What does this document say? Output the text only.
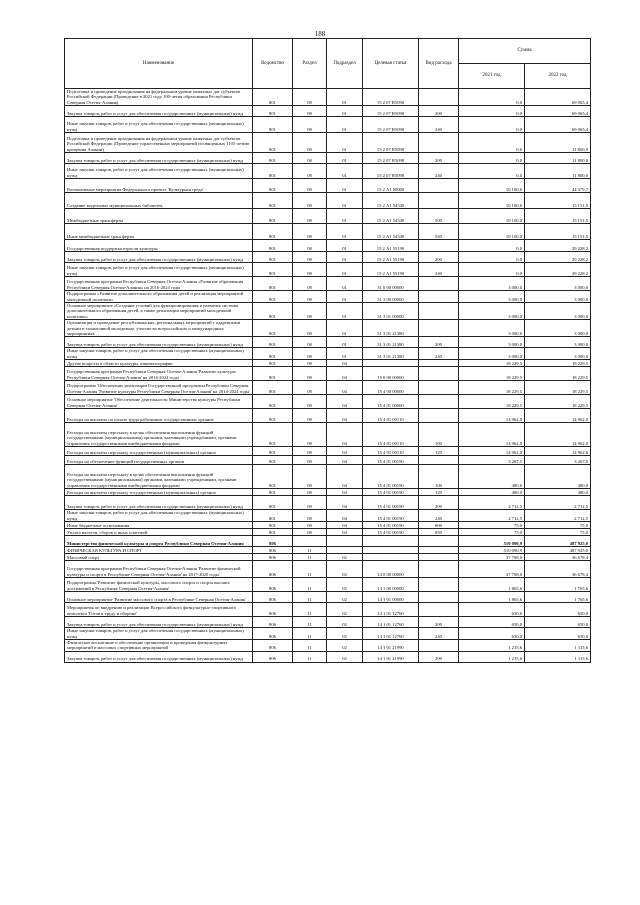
188
Наименование	Ведомство	Раздел	Подраздел	Целевая статья	Вид расхода	Сумма	
						2021 год	2022 год
Подготовка и проведение празднования на федеральном уровне памятных дат субъектов Российской Федерации (Проведение в 2021 году 100-летия образования Республики Северная Осетия-Алания)	801	08	01	15 2 07 R5090		0,0	69 065,4
Закупка товаров, работ и услуг для обеспечения государственных (муниципальных) нужд	801	08	01	15 2 07 R5090	200	0,0	69 065,4
Иные закупки товаров, работ и услуг для обеспечения государственных (муниципальных) нужд	801	08	01	15 2 07 R5090	240	0,0	69 065,4
Подготовка и проведение празднования на федеральном уровне памятных дат субъектов Российской Федерации (Проведение торжественных мероприятий посвященных 1105-летию крещения Алании)	801	08	01	15 2 07 R5098		0,0	11 800,0
Закупка товаров, работ и услуг для обеспечения государственных (муниципальных) нужд	801	08	01	15 2 07 R5098	200	0,0	11 800,0
Иные закупки товаров, работ и услуг для обеспечения государственных (муниципальных) нужд	801	08	01	15 2 07 R5098	240	0,0	11 800,0
Региональные мероприятия Федерального проекта 'Культурная среда'	801	08	01	15 2 А1 00000		10 100,0	44 379,7
Создание модельных муниципальных библиотек	801	08	01	15 2 А1 54540		10 100,0	15 151,5
Межбюджетные трансферты	801	08	01	15 2 А1 54540	500	10 100,0	15 151,5
Иные межбюджетные трансферты	801	08	01	15 2 А1 54540	540	10 100,0	15 151,5
Государственная поддержка отрасли культуры	801	08	01	15 2 А1 55190		0,0	29 228,2
Закупка товаров, работ и услуг для обеспечения государственных (муниципальных) нужд	801	08	01	15 2 А1 55190	200	0,0	29 228,2
Иные закупки товаров, работ и услуг для обеспечения государственных (муниципальных) нужд	801	08	01	15 2 А1 55190	240	0,0	29 228,2
Государственная программа Республики Северная Осетия-Алания «Развитие образования Республики Северная Осетия-Алания» на 2016-2024 годы	801	08	01	31 0 00 00000		3 000,0	3 000,0
Подпрограмма «Развитие дополнительного образования детей и реализация мероприятий молодежной политики»	801	08	01	31 3 00 00000		3 000,0	3 000,0
Основное мероприятие «Создание условий для функционирования и развития системы дополнительного образования детей, в также реализации мероприятий молодежной политики»	801	08	01	31 3 01 00000		3 000,0	3 000,0
Организация и проведение республиканских, региональных мероприятий с одаренными детьми и талантливой молодежью, участие во всероссийских и международных мероприятиях	801	08	01	31 3 01 21380		3 000,0	3 000,0
Закупка товаров, работ и услуг для обеспечения государственных (муниципальных) нужд	801	08	01	31 3 01 21380	200	3 000,0	3 000,0
Иные закупки товаров, работ и услуг для обеспечения государственных (муниципальных) нужд	801	08	01	31 3 01 21380	240	3 000,0	3 000,0
Другие вопросы в области культуры, кинематографии	801	08	04			18 229,5	18 229,5
Государственная программа Республики Северная Осетия-Алания 'Развитие культуры Республики Северная Осетия-Алания' на 2014-2024 годы	801	08	04	15 0 00 00000		18 229,5	18 229,5
Подпрограмма 'Обеспечение реализации Государственной программы Республики Северная Осетия-Алания 'Развитие культуры Республики Северная Осетия-Алания' на 2014-2024 годы'	801	08	04	15 4 00 00000		18 229,5	18 229,5
Основное мероприятие 'Обеспечение деятельности Министерства культуры Республики Северная Осетия-Алания'	801	08	04	15 4 01 00000		18 229,5	18 229,5
Расходы на выплаты по оплате труда работников государственных органов	801	08	04	15 4 01 00110		14 962,0	14 962,0
Расходы на выплаты персоналу в целях обеспечения выполнения функций государственными (муниципальными) органами, казенными учреждениями, органами управления государственными внебюджетными фондами	801	08	04	15 4 01 00110	100	14 962,0	14 962,0
Расходы на выплаты персоналу государственных (муниципальных) органов	801	08	04	15 4 01 00110	120	14 962,0	14 962,0
Расходы на обеспечение функций государственных органов	801	08	04	15 4 01 00190		3 267,5	3 267,5
Расходы на выплаты персоналу в целях обеспечения выполнения функций государственными (муниципальными) органами, казенными учреждениями, органами управления государственными внебюджетными фондами	801	08	04	15 4 01 00190	100	480,0	480,0
Расходы на выплаты персоналу государственных (муниципальных) органов	801	08	04	15 4 01 00190	120	480,0	480,0
Закупка товаров, работ и услуг для обеспечения государственных (муниципальных) нужд	801	08	04	15 4 01 00190	200	2 712,5	2 712,5
Иные закупки товаров, работ и услуг для обеспечения государственных (муниципальных) нужд	801	08	04	15 4 01 00190	240	2 712,5	2 712,5
Иные бюджетные ассигнования	801	08	04	15 4 01 00190	800	75,0	75,0
Уплата налогов, сборов и иных платежей	801	08	04	15 4 01 00190	850	75,0	75,0
Министерство физической культуры и спорта Республики Северная Осетия-Алания	806					510 090,9	487 925,0
ФИЗИЧЕСКАЯ КУЛЬТУРА И СПОРТ	806	11				510 090,9	487 925,0
Массовый спорт	806	11	02			37 768,0	36 678,4
Государственная программа Республики Северная Осетия-Алания 'Развитие физической культуры и спорта в Республике Северная Осетия-Алания' на 2017-2020 годы'	806	11	02	14 0 00 00000		37 768,0	36 678,4
Подпрограмма 'Развитие физической культуры, массового спорта и спорта высших достижений в Республике Северная Осетия-Алания'	806	11	02	14 1 00 00000		1 865,6	1 765,6
Основное мероприятие 'Развитие массового спорта в Республике Северная Осетия-Алания'	806	11	02	14 1 01 00000		1 865,6	1 765,6
Мероприятия по внедрению и реализации Всероссийского физкультурно-спортивного комплекса 'Готов к труду и обороне'	806	11	02	14 1 01 12760		650,0	650,0
Закупка товаров, работ и услуг для обеспечения государственных (муниципальных) нужд	806	11	02	14 1 01 12760	200	650,0	650,0
Иные закупки товаров, работ и услуг для обеспечения государственных (муниципальных) нужд	806	11	02	14 1 01 12760	240	650,0	650,0
Физическое воспитание и обеспечение организации и проведения физкультурных мероприятий и массовых спортивных мероприятий	806	11	02	14 1 01 21990		1 215,6	1 115,6
Закупка товаров, работ и услуг для обеспечения государственных (муниципальных) нужд	806	11	02	14 1 01 21990	200	1 215,6	1 115,6
